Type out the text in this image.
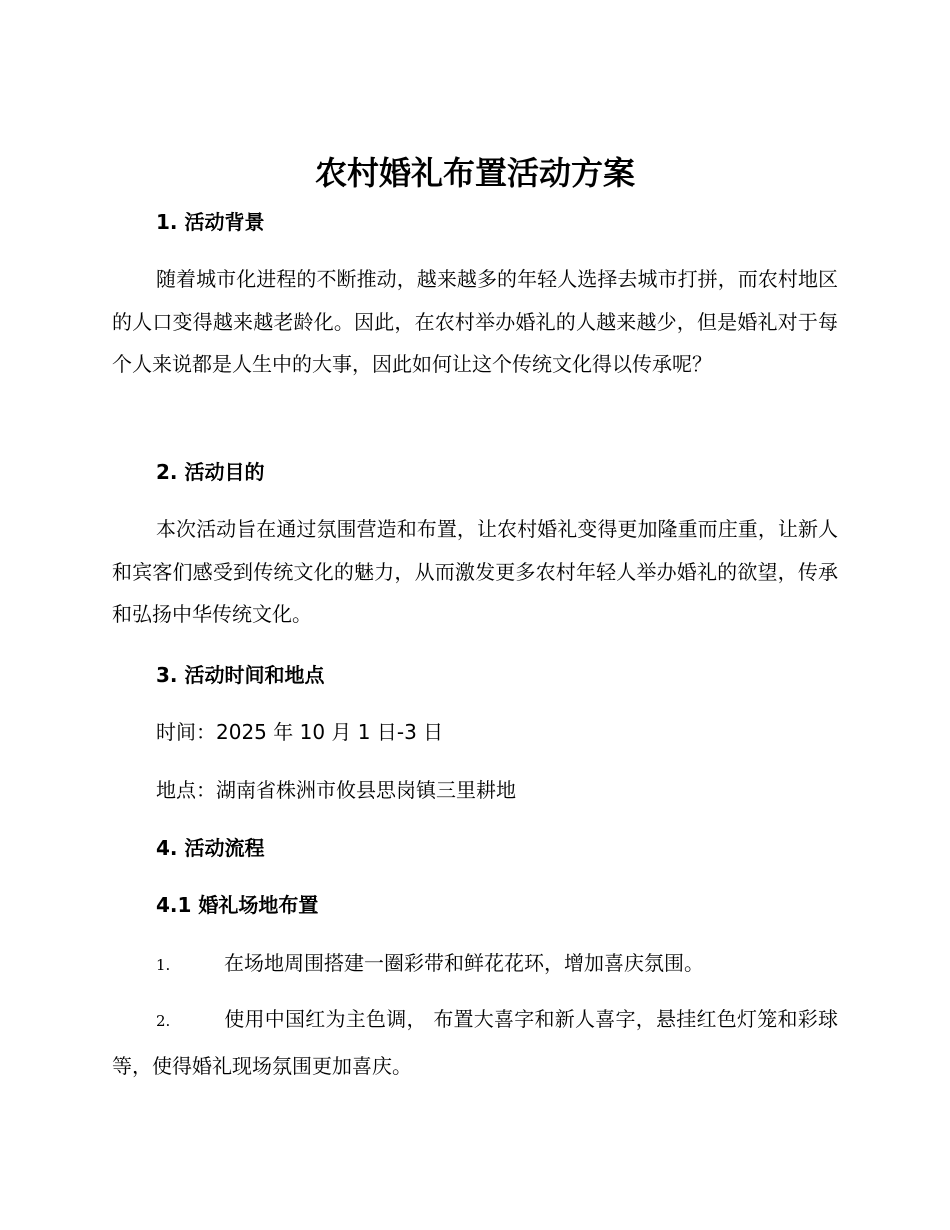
农村婚礼布置活动方案
1. 活动背景

随着城市化进程的不断推动，越来越多的年轻人选择去城市打拼，而农村地区的人口变得越来越老龄化。因此，在农村举办婚礼的人越来越少，但是婚礼对于每个人来说都是人生中的大事，因此如何让这个传统文化得以传承呢？

2. 活动目的

本次活动旨在通过氛围营造和布置，让农村婚礼变得更加隆重而庄重，让新人和宾客们感受到传统文化的魅力，从而激发更多农村年轻人举办婚礼的欲望，传承和弘扬中华传统文化。

3. 活动时间和地点

时间：2025 年 10 月 1 日-3 日

地点：湖南省株洲市攸县思岗镇三里耕地

4. 活动流程
4.1 婚礼场地布置

1.	在场地周围搭建一圈彩带和鲜花花环，增加喜庆氛围。

2.	使用中国红为主色调， 布置大喜字和新人喜字，悬挂红色灯笼和彩球等，使得婚礼现场氛围更加喜庆。
